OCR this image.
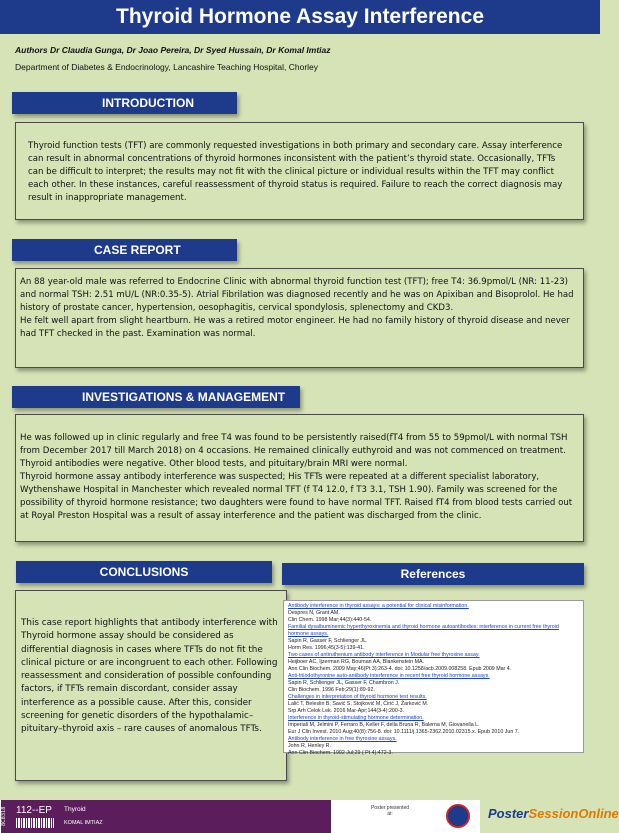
Thyroid Hormone Assay Interference
Authors Dr Claudia Gunga, Dr Joao Pereira, Dr Syed Hussain, Dr Komal Imtiaz
Department of Diabetes & Endocrinology, Lancashire Teaching Hospital, Chorley
INTRODUCTION

Thyroid function tests (TFT) are commonly requested investigations in both primary and secondary care. Assay interference can result in abnormal concentrations of thyroid hormones inconsistent with the patient’s thyroid state. Occasionally, TFTs can be difficult to interpret; the results may not fit with the clinical picture or individual results within the TFT may conflict each other. In these instances, careful reassessment of thyroid status is required. Failure to reach the correct diagnosis may result in inappropriate management.

CASE REPORT

An 88 year-old male was referred to Endocrine Clinic with abnormal thyroid function test (TFT); free T4: 36.9pmol/L (NR: 11-23) and normal TSH: 2.51 mU/L (NR:0.35-5). Atrial Fibrilation was diagnosed recently and he was on Apixiban and Bisoprolol. He had history of prostate cancer, hypertension, oesophagitis, cervical spondylosis, splenectomy and CKD3.

He felt well apart from slight heartburn. He was a retired motor engineer. He had no family history of thyroid disease and never had TFT checked in the past. Examination was normal.

INVESTIGATIONS & MANAGEMENT

He was followed up in clinic regularly and free T4 was found to be persistently raised(fT4 from 55 to 59pmol/L with normal TSH from December 2017 till March 2018) on 4 occasions. He remained clinically euthyroid and was not commenced on treatment. Thyroid antibodies were negative. Other blood tests, and pituitary/brain MRI were normal.

Thyroid hormone assay antibody interference was suspected; His TFTs were repeated at a different specialist laboratory, Wythenshawe Hospital in Manchester which revealed normal TFT (f T4 12.0, f T3 3.1, TSH 1.90). Family was screened for the possibility of thyroid hormone resistance; two daughters were found to have normal TFT. Raised fT4 from blood tests carried out at Royal Preston Hospital was a result of assay interference and the patient was discharged from the clinic.

CONCLUSIONS

This case report highlights that antibody interference with Thyroid hormone assay should be considered as differential diagnosis in cases where TFTs do not fit the clinical picture or are incongruent to each other. Following reassessment and consideration of possible confounding factors, if TFTs remain discordant, consider assay interference as a possible cause. After this, consider screening for genetic disorders of the hypothalamic–pituitary–thyroid axis – rare causes of anomalous TFTs.

References
Antibody interference in thyroid assays: a potential for clinical misinformation.
Despres N, Grant AM.
Clin Chem. 1998 Mar;44(3):440-54.
Familial dysalbuminemic hyperthyroxinemia and thyroid hormone autoantibodies: interference in current free thyroid hormone assays.
Sapin R, Gasser F, Schlienger JL.
Horm Res. 1996;45(3-5):139-41.
Two cases of antiruthenium antibody interference in Modular free thyroxine assay.
Heijboer AC, Ijzerman RG, Bouman AA, Blankenstein MA.
Ann Clin Biochem. 2009 May;46(Pt 3):263-4. doi: 10.1258/acb.2009.008258. Epub 2009 Mar 4.
Anti-triiodothyronine auto-antibody interference in recent free thyroid hormone assays.
Sapin R, Schlienger JL, Gasser F, Chambron J.
Clin Biochem. 1996 Feb;29(1):89-92.
Challenges in interpretation of thyroid hormone test results.
Lalić T, Beleslin B, Savić S, Stojković M, Ćirić J, Žarković M.
Srp Arh Celok Lek. 2016 Mar-Apr;144(3-4):200-3.
Interference in thyroid-stimulating hormone determination.
Imperiali M, Jelmini P, Ferraro B, Keller F, della Bruna R, Balerna M, Giovanella L.
Eur J Clin Invest. 2010 Aug;40(8):756-8. doi: 10.1111/j.1365-2362.2010.02315.x. Epub 2010 Jun 7.
Antibody interference in free thyroxine assays.
John R, Henley R.
Ann Clin Biochem. 1992 Jul;29 ( Pt 4):472-3.
8C8318 112--EP Thyroid
KOMAL IMTIAZ
Poster presented at:	PosterSessionOnline
